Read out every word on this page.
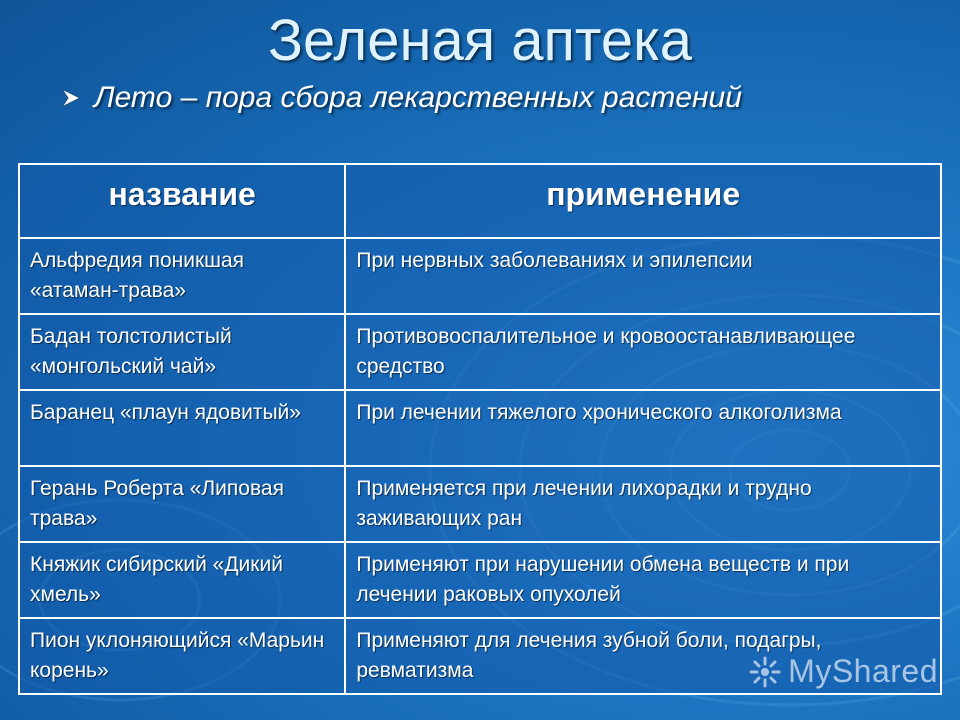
Зеленая аптека
Лето – пора сбора лекарственных растений
название	применение
Альфредия поникшая «атаман-трава»	При нервных заболеваниях и эпилепсии
Бадан толстолистый «монгольский чай»	Противовоспалительное и кровоостанавливающее средство
Баранец «плаун ядовитый»	При лечении тяжелого хронического алкоголизма
Герань Роберта «Липовая трава»	Применяется при лечении лихорадки и трудно заживающих ран
Княжик сибирский «Дикий хмель»	Применяют при нарушении обмена веществ и при лечении раковых опухолей
Пион уклоняющийся «Марьин корень»	Применяют для лечения зубной боли, подагры, ревматизма	MyShared
